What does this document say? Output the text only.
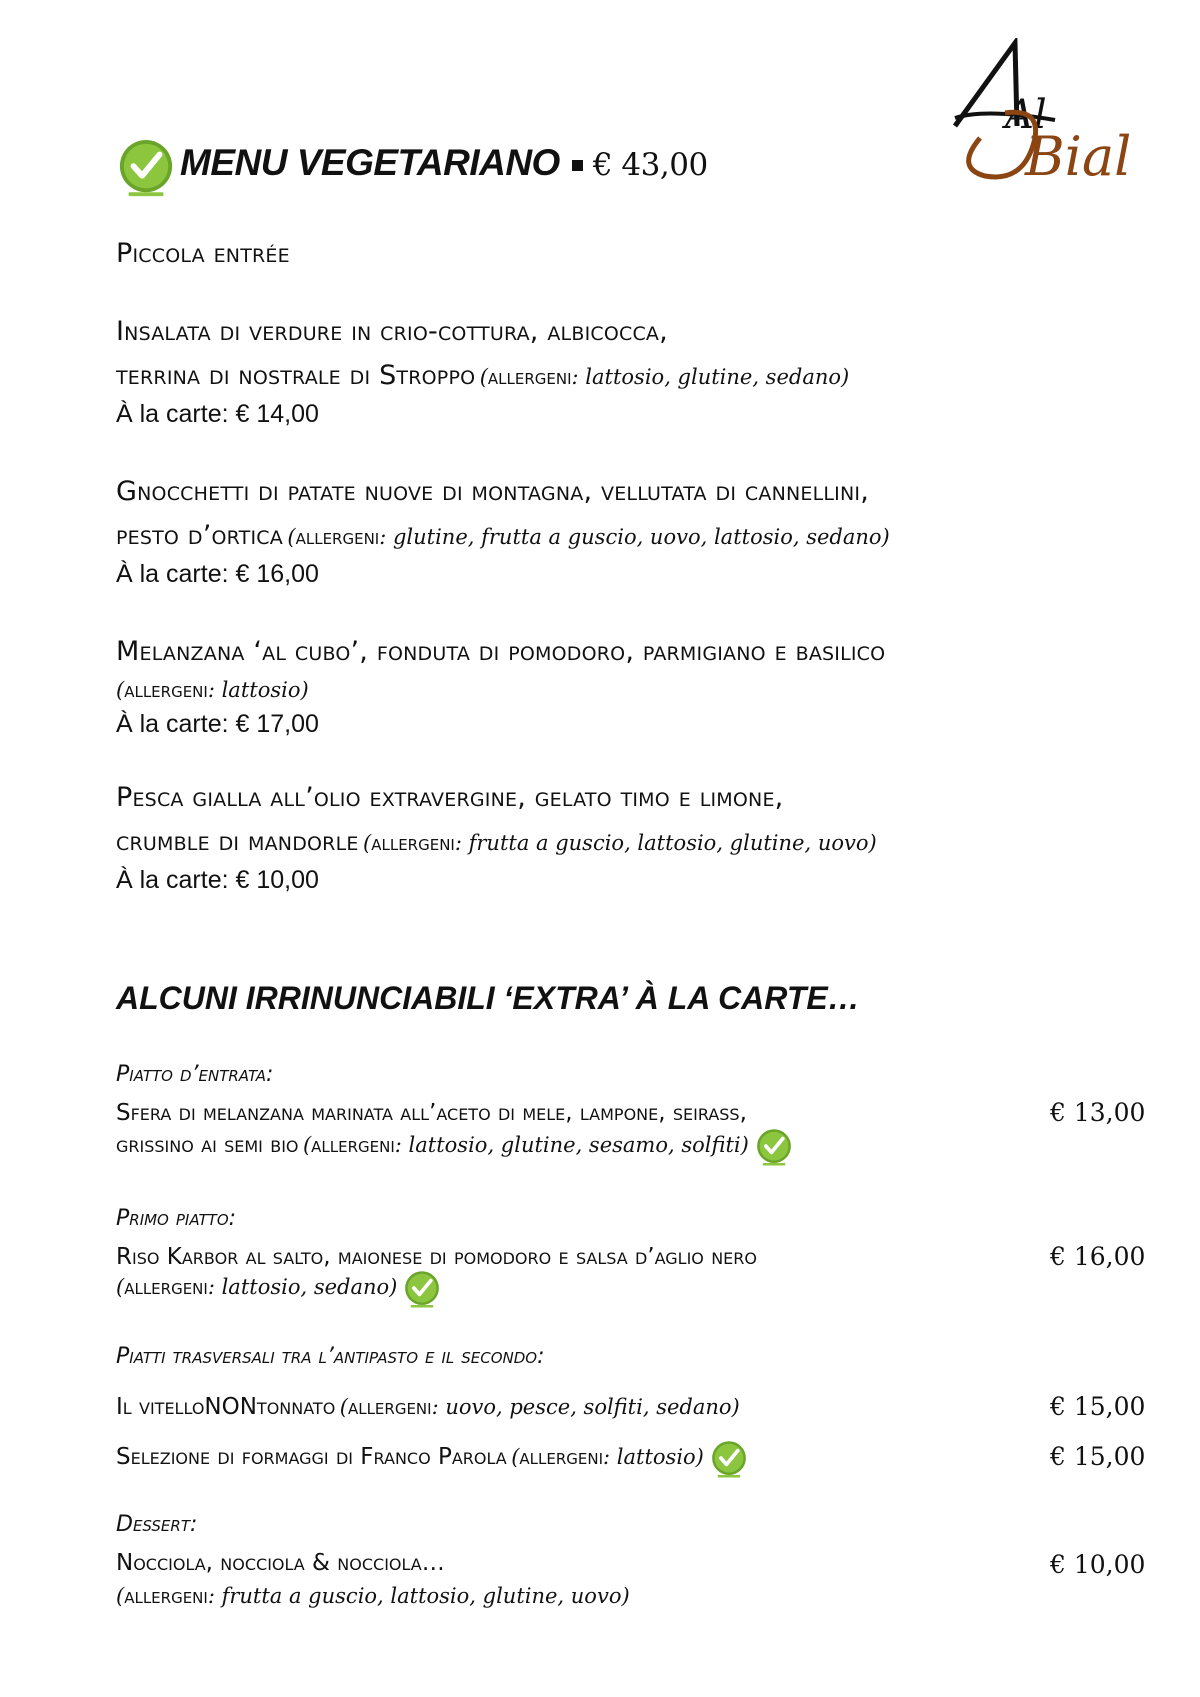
Al
Bial
MENU VEGETARIANO € 43,00
Piccola entrée
Insalata di verdure in crio-cottura, albicocca,
terrina di nostrale di Stroppo (allergeni: lattosio, glutine, sedano)
À la carte: € 14,00
Gnocchetti di patate nuove di montagna, vellutata di cannellini,
pesto d’ortica (allergeni: glutine, frutta a guscio, uovo, lattosio, sedano)
À la carte: € 16,00
Melanzana ‘al cubo’, fonduta di pomodoro, parmigiano e basilico
(allergeni: lattosio)
À la carte: € 17,00
Pesca gialla all’olio extravergine, gelato timo e limone,
crumble di mandorle (allergeni: frutta a guscio, lattosio, glutine, uovo)
À la carte: € 10,00
ALCUNI IRRINUNCIABILI ‘EXTRA’ À LA CARTE…
Piatto d’entrata:
Sfera di melanzana marinata all’aceto di mele, lampone, seirass,	€ 13,00
grissino ai semi bio (allergeni: lattosio, glutine, sesamo, solfiti)
Primo piatto:
Riso Karbor al salto, maionese di pomodoro e salsa d’aglio nero	€ 16,00
(allergeni: lattosio, sedano)
Piatti trasversali tra l’antipasto e il secondo:
Il vitelloNONtonnato (allergeni: uovo, pesce, solfiti, sedano)	€ 15,00
Selezione di formaggi di Franco Parola (allergeni: lattosio)	€ 15,00
Dessert:
Nocciola, nocciola & nocciola…	€ 10,00
(allergeni: frutta a guscio, lattosio, glutine, uovo)
